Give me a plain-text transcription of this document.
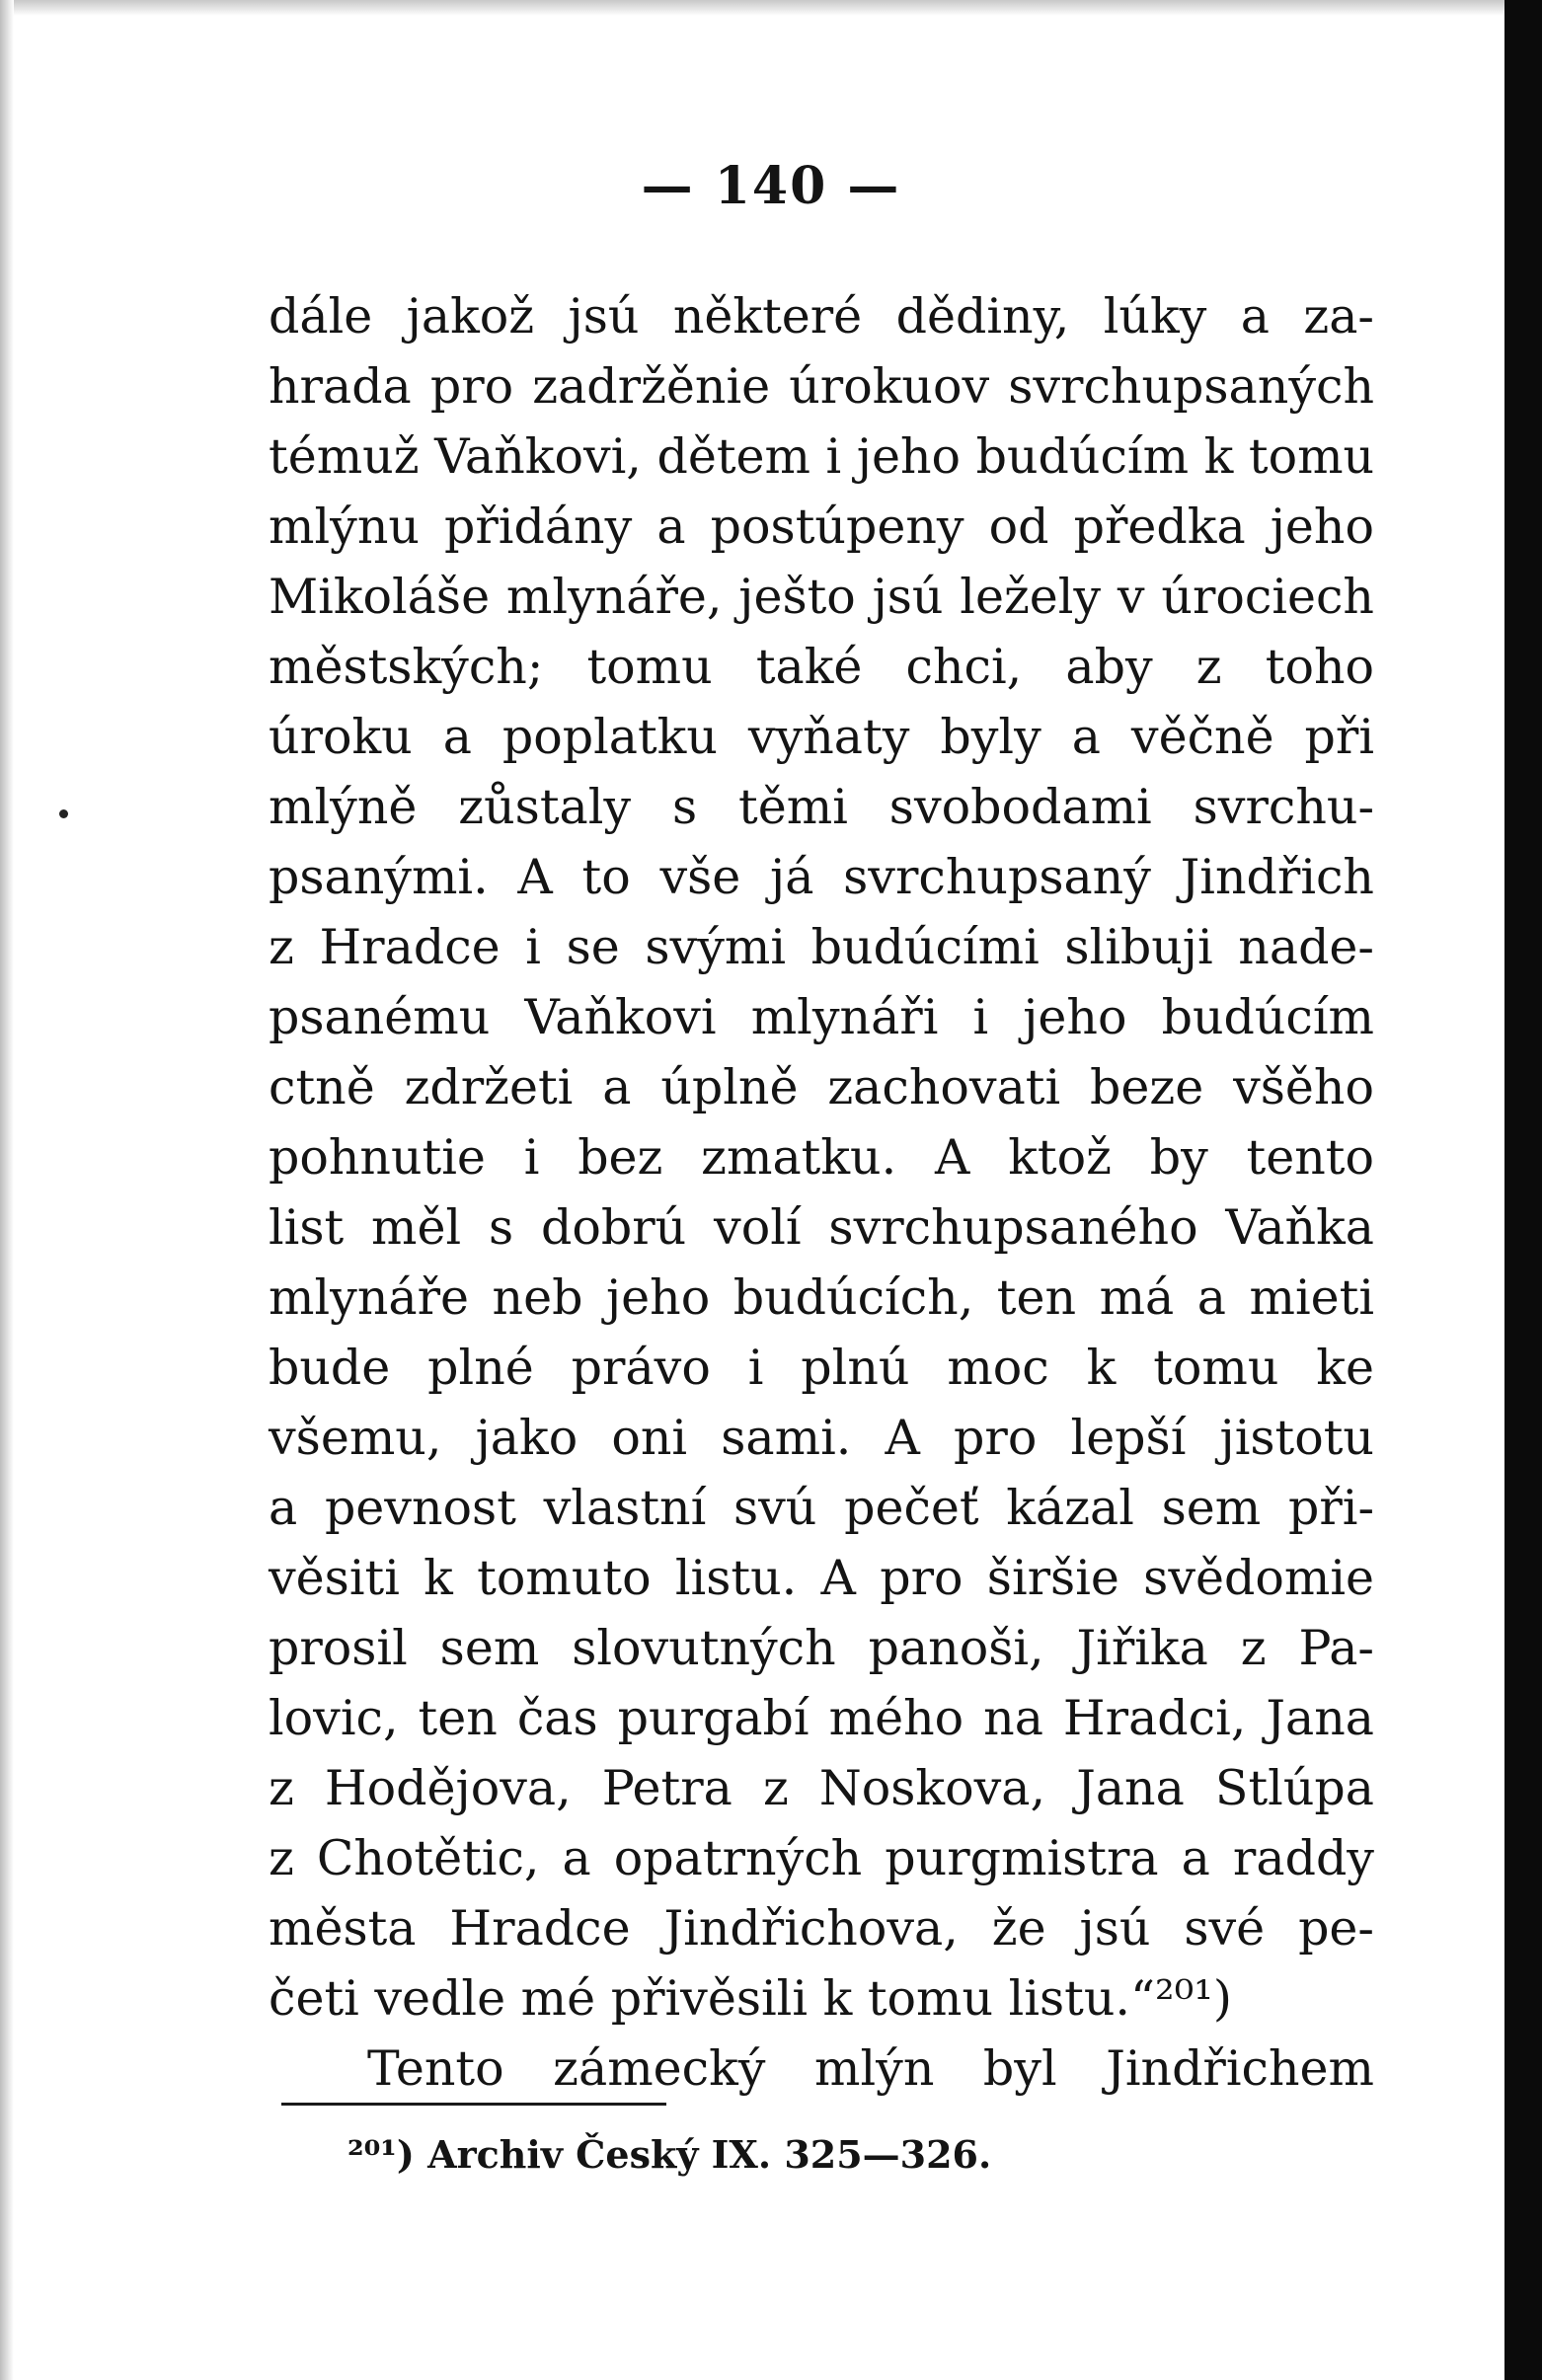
— 140 —
dále jakož jsú některé dědiny, lúky a za-
hrada pro zadržěnie úrokuov svrchupsaných
témuž Vaňkovi, dětem i jeho budúcím k tomu
mlýnu přidány a postúpeny od předka jeho
Mikoláše mlynáře, ješto jsú ležely v úrociech
městských; tomu také chci, aby z toho
úroku a poplatku vyňaty byly a věčně při
mlýně zůstaly s těmi svobodami svrchu-
psanými. A to vše já svrchupsaný Jindřich
z Hradce i se svými budúcími slibuji nade-
psanému Vaňkovi mlynáři i jeho budúcím
ctně zdržeti a úplně zachovati beze všěho
pohnutie i bez zmatku. A ktož by tento
list měl s dobrú volí svrchupsaného Vaňka
mlynáře neb jeho budúcích, ten má a mieti
bude plné právo i plnú moc k tomu ke
všemu, jako oni sami. A pro lepší jistotu
a pevnost vlastní svú pečeť kázal sem při-
věsiti k tomuto listu. A pro širšie svědomie
prosil sem slovutných panoši, Jiřika z Pa-
lovic, ten čas purgabí mého na Hradci, Jana
z Hodějova, Petra z Noskova, Jana Stlúpa
z Chotětic, a opatrných purgmistra a raddy
města Hradce Jindřichova, že jsú své pe-
četi vedle mé přivěsili k tomu listu.“²⁰¹)
Tento zámecký mlýn byl Jindřichem
²⁰¹) Archiv Český IX. 325—326.
